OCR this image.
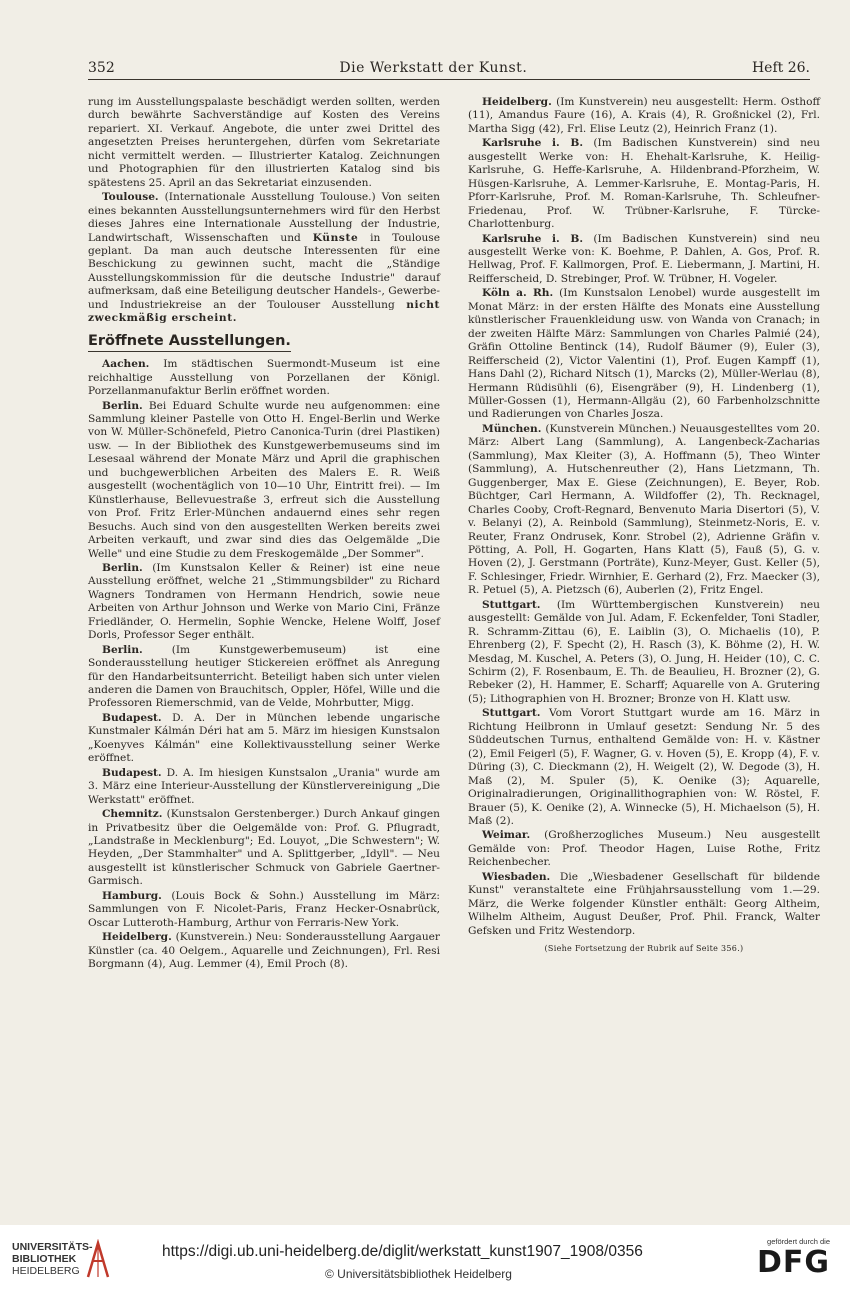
352	Die Werkstatt der Kunst.	Heft 26.

rung im Ausstellungspalaste beschädigt werden sollten, werden durch bewährte Sachverständige auf Kosten des Vereins repariert. XI. Verkauf. Angebote, die unter zwei Drittel des angesetzten Preises heruntergehen, dürfen vom Sekretariate nicht vermittelt werden. — Illustrierter Katalog. Zeichnungen und Photographien für den illustrierten Katalog sind bis spätestens 25. April an das Sekretariat einzusenden.

Toulouse. (Internationale Ausstellung Toulouse.) Von seiten eines bekannten Ausstellungsunternehmers wird für den Herbst dieses Jahres eine Internationale Ausstellung der Industrie, Landwirtschaft, Wissenschaften und Künste in Toulouse geplant. Da man auch deutsche Interessenten für eine Beschickung zu gewinnen sucht, macht die „Ständige Ausstellungskommission für die deutsche Industrie" darauf aufmerksam, daß eine Beteiligung deutscher Handels-, Gewerbe- und Industriekreise an der Toulouser Ausstellung nicht zweckmäßig erscheint.

Eröffnete Ausstellungen.

Aachen. Im städtischen Suermondt-Museum ist eine reichhaltige Ausstellung von Porzellanen der Königl. Porzellanmanufaktur Berlin eröffnet worden.

Berlin. Bei Eduard Schulte wurde neu aufgenommen: eine Sammlung kleiner Pastelle von Otto H. Engel-Berlin und Werke von W. Müller-Schönefeld, Pietro Canonica-Turin (drei Plastiken) usw. — In der Bibliothek des Kunstgewerbemuseums sind im Lesesaal während der Monate März und April die graphischen und buchgewerblichen Arbeiten des Malers E. R. Weiß ausgestellt (wochentäglich von 10—10 Uhr, Eintritt frei). — Im Künstlerhause, Bellevuestraße 3, erfreut sich die Ausstellung von Prof. Fritz Erler-München andauernd eines sehr regen Besuchs. Auch sind von den ausgestellten Werken bereits zwei Arbeiten verkauft, und zwar sind dies das Oelgemälde „Die Welle" und eine Studie zu dem Freskogemälde „Der Sommer".

Berlin. (Im Kunstsalon Keller & Reiner) ist eine neue Ausstellung eröffnet, welche 21 „Stimmungsbilder" zu Richard Wagners Tondramen von Hermann Hendrich, sowie neue Arbeiten von Arthur Johnson und Werke von Mario Cini, Fränze Friedländer, O. Hermelin, Sophie Wencke, Helene Wolff, Josef Dorls, Professor Seger enthält.

Berlin.	(Im Kunstgewerbemuseum) ist eine Sonderausstellung heutiger Stickereien eröffnet als Anregung für den Handarbeitsunterricht. Beteiligt haben sich unter vielen anderen die Damen von Brauchitsch, Oppler, Höfel, Wille und die Professoren Riemerschmid, van de Velde, Mohrbutter, Migg.

Budapest. D. A. Der in München lebende ungarische Kunstmaler Kálmán Déri hat am 5. März im hiesigen Kunstsalon „Koenyves Kálmán" eine Kollektivausstellung seiner Werke eröffnet.

Budapest. D. A. Im hiesigen Kunstsalon „Urania" wurde am 3. März eine Interieur-Ausstellung der Künstlervereinigung „Die Werkstatt" eröffnet.

Chemnitz. (Kunstsalon Gerstenberger.) Durch Ankauf gingen in Privatbesitz über die Oelgemälde von: Prof. G. Pflugradt, „Landstraße in Mecklenburg"; Ed. Louyot, „Die Schwestern"; W. Heyden, „Der Stammhalter" und A. Splittgerber, „Idyll". — Neu ausgestellt ist künstlerischer Schmuck von Gabriele Gaertner-Garmisch.

Hamburg. (Louis Bock & Sohn.) Ausstellung im März: Sammlungen von F. Nicolet-Paris, Franz Hecker-Osnabrück, Oscar Lutteroth-Hamburg, Arthur von Ferraris-New York.

Heidelberg. (Kunstverein.) Neu: Sonderausstellung Aargauer Künstler (ca. 40 Oelgem., Aquarelle und Zeichnungen), Frl. Resi Borgmann (4), Aug. Lemmer (4), Emil Proch (8).

Heidelberg. (Im Kunstverein) neu ausgestellt: Herm. Osthoff (11), Amandus Faure (16), A. Krais (4), R. Großnickel (2), Frl. Martha Sigg (42), Frl. Elise Leutz (2), Heinrich Franz (1).

Karlsruhe i. B. (Im Badischen Kunstverein) sind neu ausgestellt Werke von: H. Ehehalt-Karlsruhe, K. Heilig-Karlsruhe, G. Heffe-Karlsruhe, A. Hildenbrand-Pforzheim, W. Hüsgen-Karlsruhe, A. Lemmer-Karlsruhe, E. Montag-Paris, H. Pforr-Karlsruhe, Prof. M. Roman-Karlsruhe, Th. Schleufner-Friedenau, Prof. W. Trübner-Karlsruhe, F. Türcke-Charlottenburg.

Karlsruhe i. B. (Im Badischen Kunstverein) sind neu ausgestellt Werke von: K. Boehme, P. Dahlen, A. Gos, Prof. R. Hellwag, Prof. F. Kallmorgen, Prof. E. Liebermann, J. Martini, H. Reifferscheid, D. Strebinger, Prof. W. Trübner, H. Vogeler.

Köln a. Rh. (Im Kunstsalon Lenobel) wurde ausgestellt im Monat März: in der ersten Hälfte des Monats eine Ausstellung künstlerischer Frauenkleidung usw. von Wanda von Cranach; in der zweiten Hälfte März: Sammlungen von Charles Palmié (24), Gräfin Ottoline Bentinck (14), Rudolf Bäumer (9), Euler (3), Reifferscheid (2), Victor Valentini (1), Prof. Eugen Kampff (1), Hans Dahl (2), Richard Nitsch (1), Marcks (2), Müller-Werlau (8), Hermann Rüdisühli (6), Eisengräber (9), H. Lindenberg (1), Müller-Gossen (1), Hermann-Allgäu (2), 60 Farbenholzschnitte und Radierungen von Charles Josza.

München. (Kunstverein München.) Neuausgestelltes vom 20. März: Albert Lang (Sammlung), A. Langenbeck-Zacharias (Sammlung), Max Kleiter (3), A. Hoffmann (5), Theo Winter (Sammlung), A. Hutschenreuther (2), Hans Lietzmann, Th. Guggenberger, Max E. Giese (Zeichnungen), E. Beyer, Rob. Büchtger, Carl Hermann, A. Wildfoffer (2), Th. Recknagel, Charles Cooby, Croft-Regnard, Benvenuto Maria Disertori (5), V. v. Belanyi (2), A. Reinbold (Sammlung), Steinmetz-Noris, E. v. Reuter, Franz Ondrusek, Konr. Strobel (2), Adrienne Gräfin v. Pötting, A. Poll, H. Gogarten, Hans Klatt (5), Fauß (5), G. v. Hoven (2), J. Gerstmann (Porträte), Kunz-Meyer, Gust. Keller (5), F. Schlesinger, Friedr. Wirnhier, E. Gerhard (2), Frz. Maecker (3), R. Petuel (5), A. Pietzsch (6), Auberlen (2), Fritz Engel.

Stuttgart. (Im Württembergischen Kunstverein) neu ausgestellt: Gemälde von Jul. Adam, F. Eckenfelder, Toni Stadler, R. Schramm-Zittau (6), E. Laiblin (3), O. Michaelis (10), P. Ehrenberg (2), F. Specht (2), H. Rasch (3), K. Böhme (2), H. W. Mesdag, M. Kuschel, A. Peters (3), O. Jung, H. Heider (10), C. C. Schirm (2), F. Rosenbaum, E. Th. de Beaulieu, H. Brozner (2), G. Rebeker (2), H. Hammer, E. Scharff; Aquarelle von A. Grutering (5); Lithographien von H. Brozner; Bronze von H. Klatt usw.

Stuttgart. Vom Vorort Stuttgart wurde am 16. März in Richtung Heilbronn in Umlauf gesetzt: Sendung Nr. 5 des Süddeutschen Turnus, enthaltend Gemälde von: H. v. Kästner (2), Emil Feigerl (5), F. Wagner, G. v. Hoven (5), E. Kropp (4), F. v. Düring (3), C. Dieckmann (2), H. Weigelt (2), W. Degode (3), H. Maß (2), M. Spuler (5), K. Oenike (3); Aquarelle, Originalradierungen, Originallithographien von: W. Röstel, F. Brauer (5), K. Oenike (2), A. Winnecke (5), H. Michaelson (5), H. Maß (2).

Weimar. (Großherzogliches Museum.) Neu ausgestellt Gemälde von: Prof. Theodor Hagen, Luise Rothe, Fritz Reichenbecher.

Wiesbaden. Die „Wiesbadener Gesellschaft für bildende Kunst" veranstaltete eine Frühjahrsausstellung vom 1.—29. März, die Werke folgender Künstler enthält: Georg Altheim, Wilhelm Altheim, August Deußer, Prof. Phil. Franck, Walter Gefsken und Fritz Westendorp.

(Siehe Fortsetzung der Rubrik auf Seite 356.)
UNIVERSITÄTS-
BIBLIOTHEK
HEIDELBERG
https://digi.ub.uni-heidelberg.de/diglit/werkstatt_kunst1907_1908/0356
© Universitätsbibliothek Heidelberg
gefördert durch die
DFG
